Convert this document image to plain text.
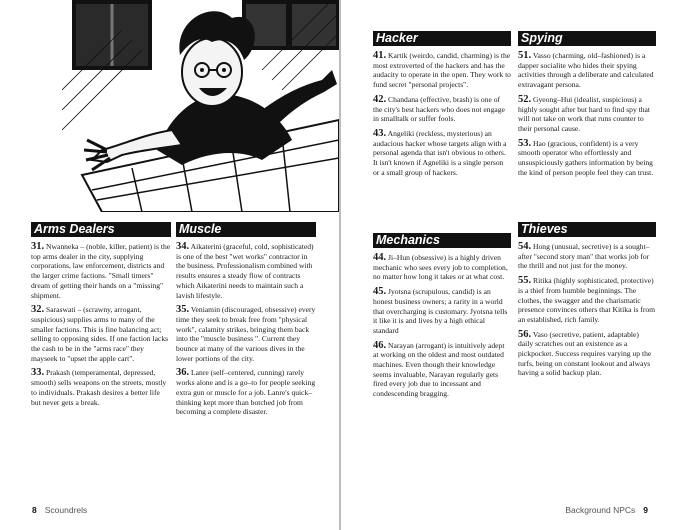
Arms Dealers
31. Nwanneka – (noble, killer, patient) is the top arms dealer in the city, supplying corporations, law enforcement, districts and the larger crime factions. "Small timers" dream of getting their hands on a "missing" shipment.
32. Saraswati – (scrawny, arrogant, suspicious) supplies arms to many of the smaller factions. This is fine balancing act; selling to opposing sides. If one faction lacks the cash to be in the "arms race" they mayseek to "upset the apple cart".
33. Prakash (temperamental, depressed, smooth) sells weapons on the streets, mostly to individuals. Prakash desires a better life but never gets a break.
Muscle
34. Aikaterini (graceful, cold, sophisticated) is one of the best "wet works" contractor in the business. Professionalism combined with results ensures a steady flow of contracts which Aikaterini needs to maintain such a lavish lifestyle.
35. Veniamin (discouraged, obsessive) every time they seek to break free from "physical work", calamity strikes, bringing them back into the "muscle business ". Current they bounce at many of the various dives in the lower portions of the city.
36. Lanre (self–centered, cunning) rarely works alone and is a go–to for people seeking extra gun or muscle for a job. Lanre's quick–thinking kept more than botched job from becoming a complete disaster.
8 Scoundrels
Hacker
41. Kartik (weirdo, candid, charming) is the most extroverted of the hackers and has the audacity to operate in the open. They work to fund secret "personal projects".
42. Chandana (effective, brash) is one of the city's best hackers who does not engage in smalltalk or suffer fools.
43. Angeliki (reckless, mysterious) an audacious hacker whose targets align with a personal agenda that isn't obvious to others. It isn't known if Agneliki is a single person or a small group of hackers.
Mechanics
44. Ji–Hun (obsessive) is a highly driven mechanic who sees every job to completion, no matter how long it takes or at what cost.
45. Jyotsna (scrupulous, candid) is an honest business owners; a rarity in a world that overcharging is customary. Jyotsna tells it like it is and lives by a high ethical standard
46. Narayan (arrogant) is intuitively adept at working on the oldest and most outdated machines. Even though their knowledge seems invaluable, Narayan regularly gets fired every job due to incessant and condescending bragging.
Spying
51. Vasso (charming, old–fashioned) is a dapper socialite who hides their spying activities through a deliberate and calculated extravagant persona.
52. Gyeong–Hui (idealist, suspicious) a highly sought after but hard to find spy that will not take on work that runs counter to their personal cause.
53. Hao (gracious, confident) is a very smooth operator who effortlessly and unsuspiciously gathers information by being the kind of person people feel they can trust.
Thieves
54. Hong (unusual, secretive) is a sought–after "second story man" that works job for the thrill and not just for the money.
55. Ritika (highly sophisticated, protective) is a thief from humble beginnings. The clothes, the swagger and the charismatic presence convinces others that Kitika is from an established, rich family.
56. Vaso (secretive, patient, adaptable) daily scratches out an existence as a pickpocket. Success requires varying up the turfs, being on constant lookout and always having a solid backup plan.
Background NPCs 9
